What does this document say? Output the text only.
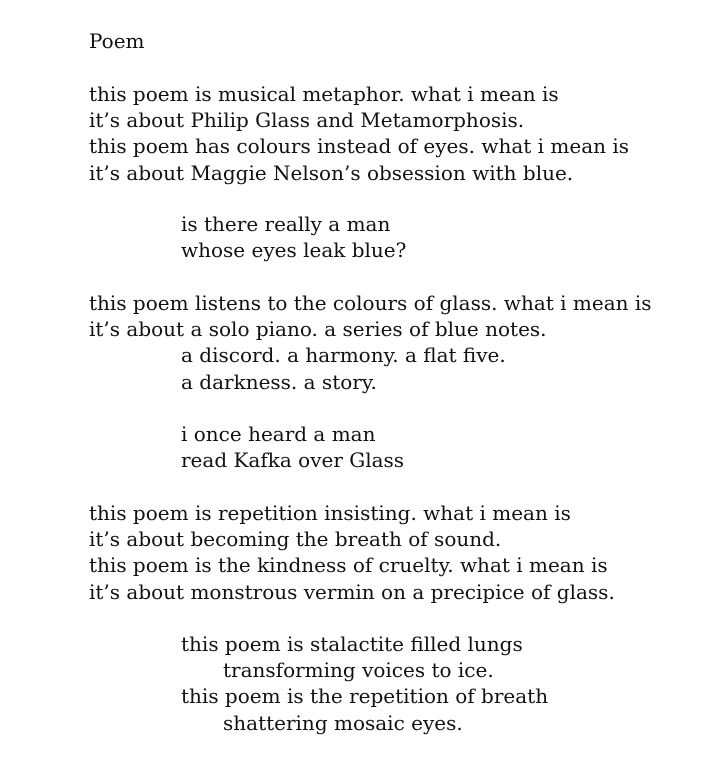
Poem
this poem is musical metaphor. what i mean is
it’s about Philip Glass and Metamorphosis.
this poem has colours instead of eyes. what i mean is
it’s about Maggie Nelson’s obsession with blue.
is there really a man
whose eyes leak blue?
this poem listens to the colours of glass. what i mean is
it’s about a solo piano. a series of blue notes.
a discord. a harmony. a flat five.
a darkness. a story.
i once heard a man
read Kafka over Glass
this poem is repetition insisting. what i mean is
it’s about becoming the breath of sound.
this poem is the kindness of cruelty. what i mean is
it’s about monstrous vermin on a precipice of glass.
this poem is stalactite filled lungs
transforming voices to ice.
this poem is the repetition of breath
shattering mosaic eyes.
